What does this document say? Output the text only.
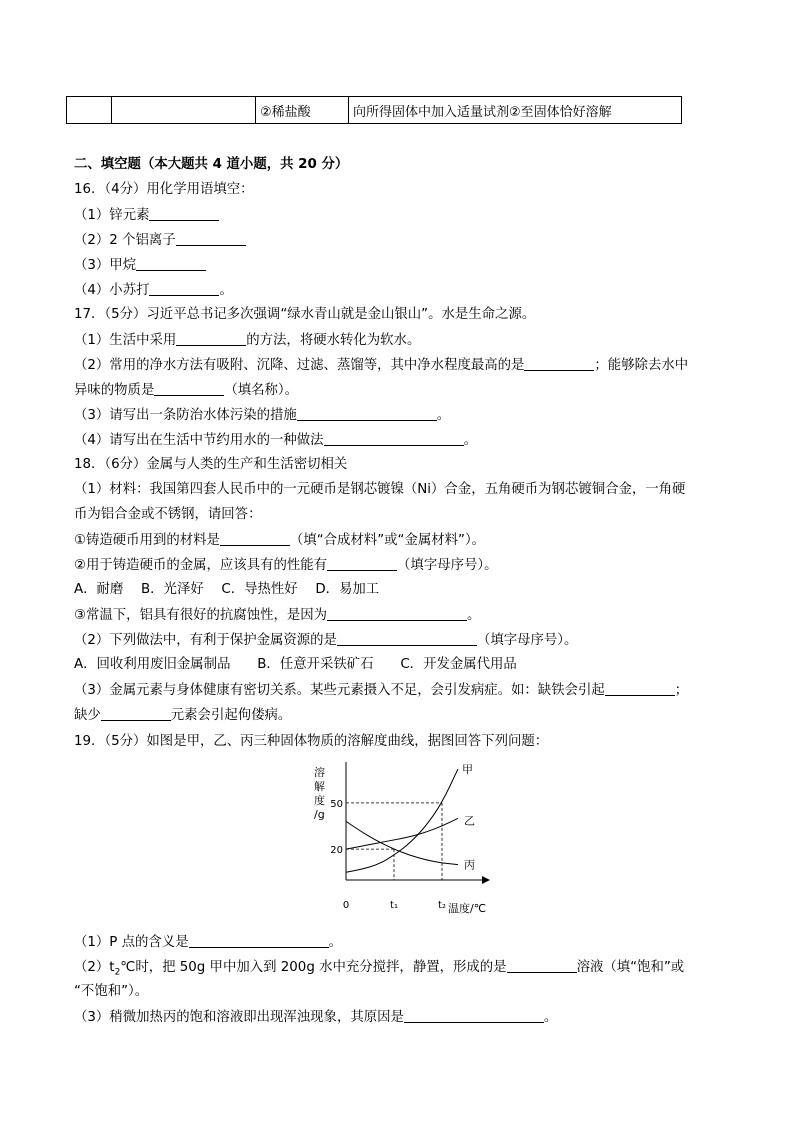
		②稀盐酸	向所得固体中加入适量试剂②至固体恰好溶解
二、填空题（本大题共 4 道小题，共 20 分）
16．（4分）用化学用语填空：
（1）锌元素
（2）2 个铝离子
（3）甲烷
（4）小苏打	。
17．（5分）习近平总书记多次强调“绿水青山就是金山银山”。水是生命之源。
（1）生活中采用	的方法，将硬水转化为软水。
（2）常用的净水方法有吸附、沉降、过滤、蒸馏等，其中净水程度最高的是	；能够除去水中
异味的物质是	（填名称）。
（3）请写出一条防治水体污染的措施	。
（4）请写出在生活中节约用水的一种做法	。
18．（6分）金属与人类的生产和生活密切相关
（1）材料：我国第四套人民币中的一元硬币是钢芯镀镍（Ni）合金，五角硬币为钢芯镀铜合金，一角硬
币为铝合金或不锈钢，请回答：
①铸造硬币用到的材料是	（填“合成材料”或“金属材料”）。
②用于铸造硬币的金属，应该具有的性能有	（填字母序号）。
A．耐磨　 B．光泽好　 C．导热性好　 D．易加工
③常温下，铝具有很好的抗腐蚀性，是因为	。
（2）下列做法中，有利于保护金属资源的是	（填字母序号）。
A．回收利用废旧金属制品　　B．任意开采铁矿石　　C．开发金属代用品
（3）金属元素与身体健康有密切关系。某些元素摄入不足，会引发病症。如：缺铁会引起	；
缺少	元素会引起佝偻病。
19．（5分）如图是甲，乙、丙三种固体物质的溶解度曲线，据图回答下列问题：
溶
解
度
/g
20
50
0	t₁	t₂ 温度/℃
甲
乙
丙
（1）P 点的含义是	。
$(2)t_2℃$时，把 50g 甲中加入到 200g 水中充分搅拌，静置，形成的是	溶液（填“饱和”或
“不饱和”）。
（3）稍微加热丙的饱和溶液即出现浑浊现象，其原因是	。
